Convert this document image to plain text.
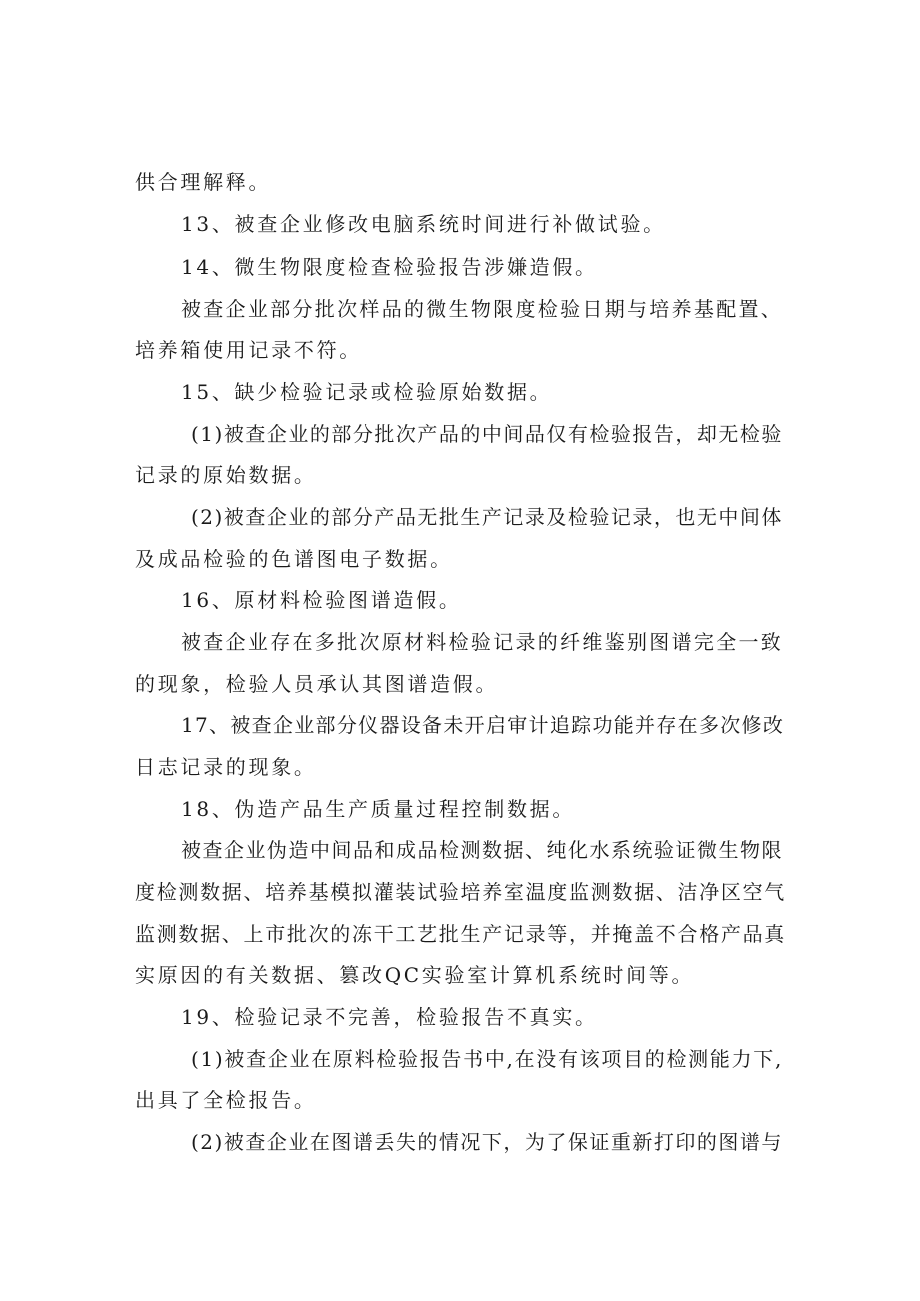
供合理解释。

13、被查企业修改电脑系统时间进行补做试验。

14、微生物限度检查检验报告涉嫌造假。

被查企业部分批次样品的微生物限度检验日期与培养基配置、

培养箱使用记录不符。

15、缺少检验记录或检验原始数据。

(1)被查企业的部分批次产品的中间品仅有检验报告，却无检验

记录的原始数据。

(2)被查企业的部分产品无批生产记录及检验记录，也无中间体

及成品检验的色谱图电子数据。

16、原材料检验图谱造假。

被查企业存在多批次原材料检验记录的纤维鉴别图谱完全一致

的现象，检验人员承认其图谱造假。

17、被查企业部分仪器设备未开启审计追踪功能并存在多次修改

日志记录的现象。

18、伪造产品生产质量过程控制数据。

被查企业伪造中间品和成品检测数据、纯化水系统验证微生物限

度检测数据、培养基模拟灌装试验培养室温度监测数据、洁净区空气

监测数据、上市批次的冻干工艺批生产记录等，并掩盖不合格产品真

实原因的有关数据、篡改QC实验室计算机系统时间等。

19、检验记录不完善，检验报告不真实。

(1)被查企业在原料检验报告书中,在没有该项目的检测能力下,

出具了全检报告。

(2)被查企业在图谱丢失的情况下，为了保证重新打印的图谱与
